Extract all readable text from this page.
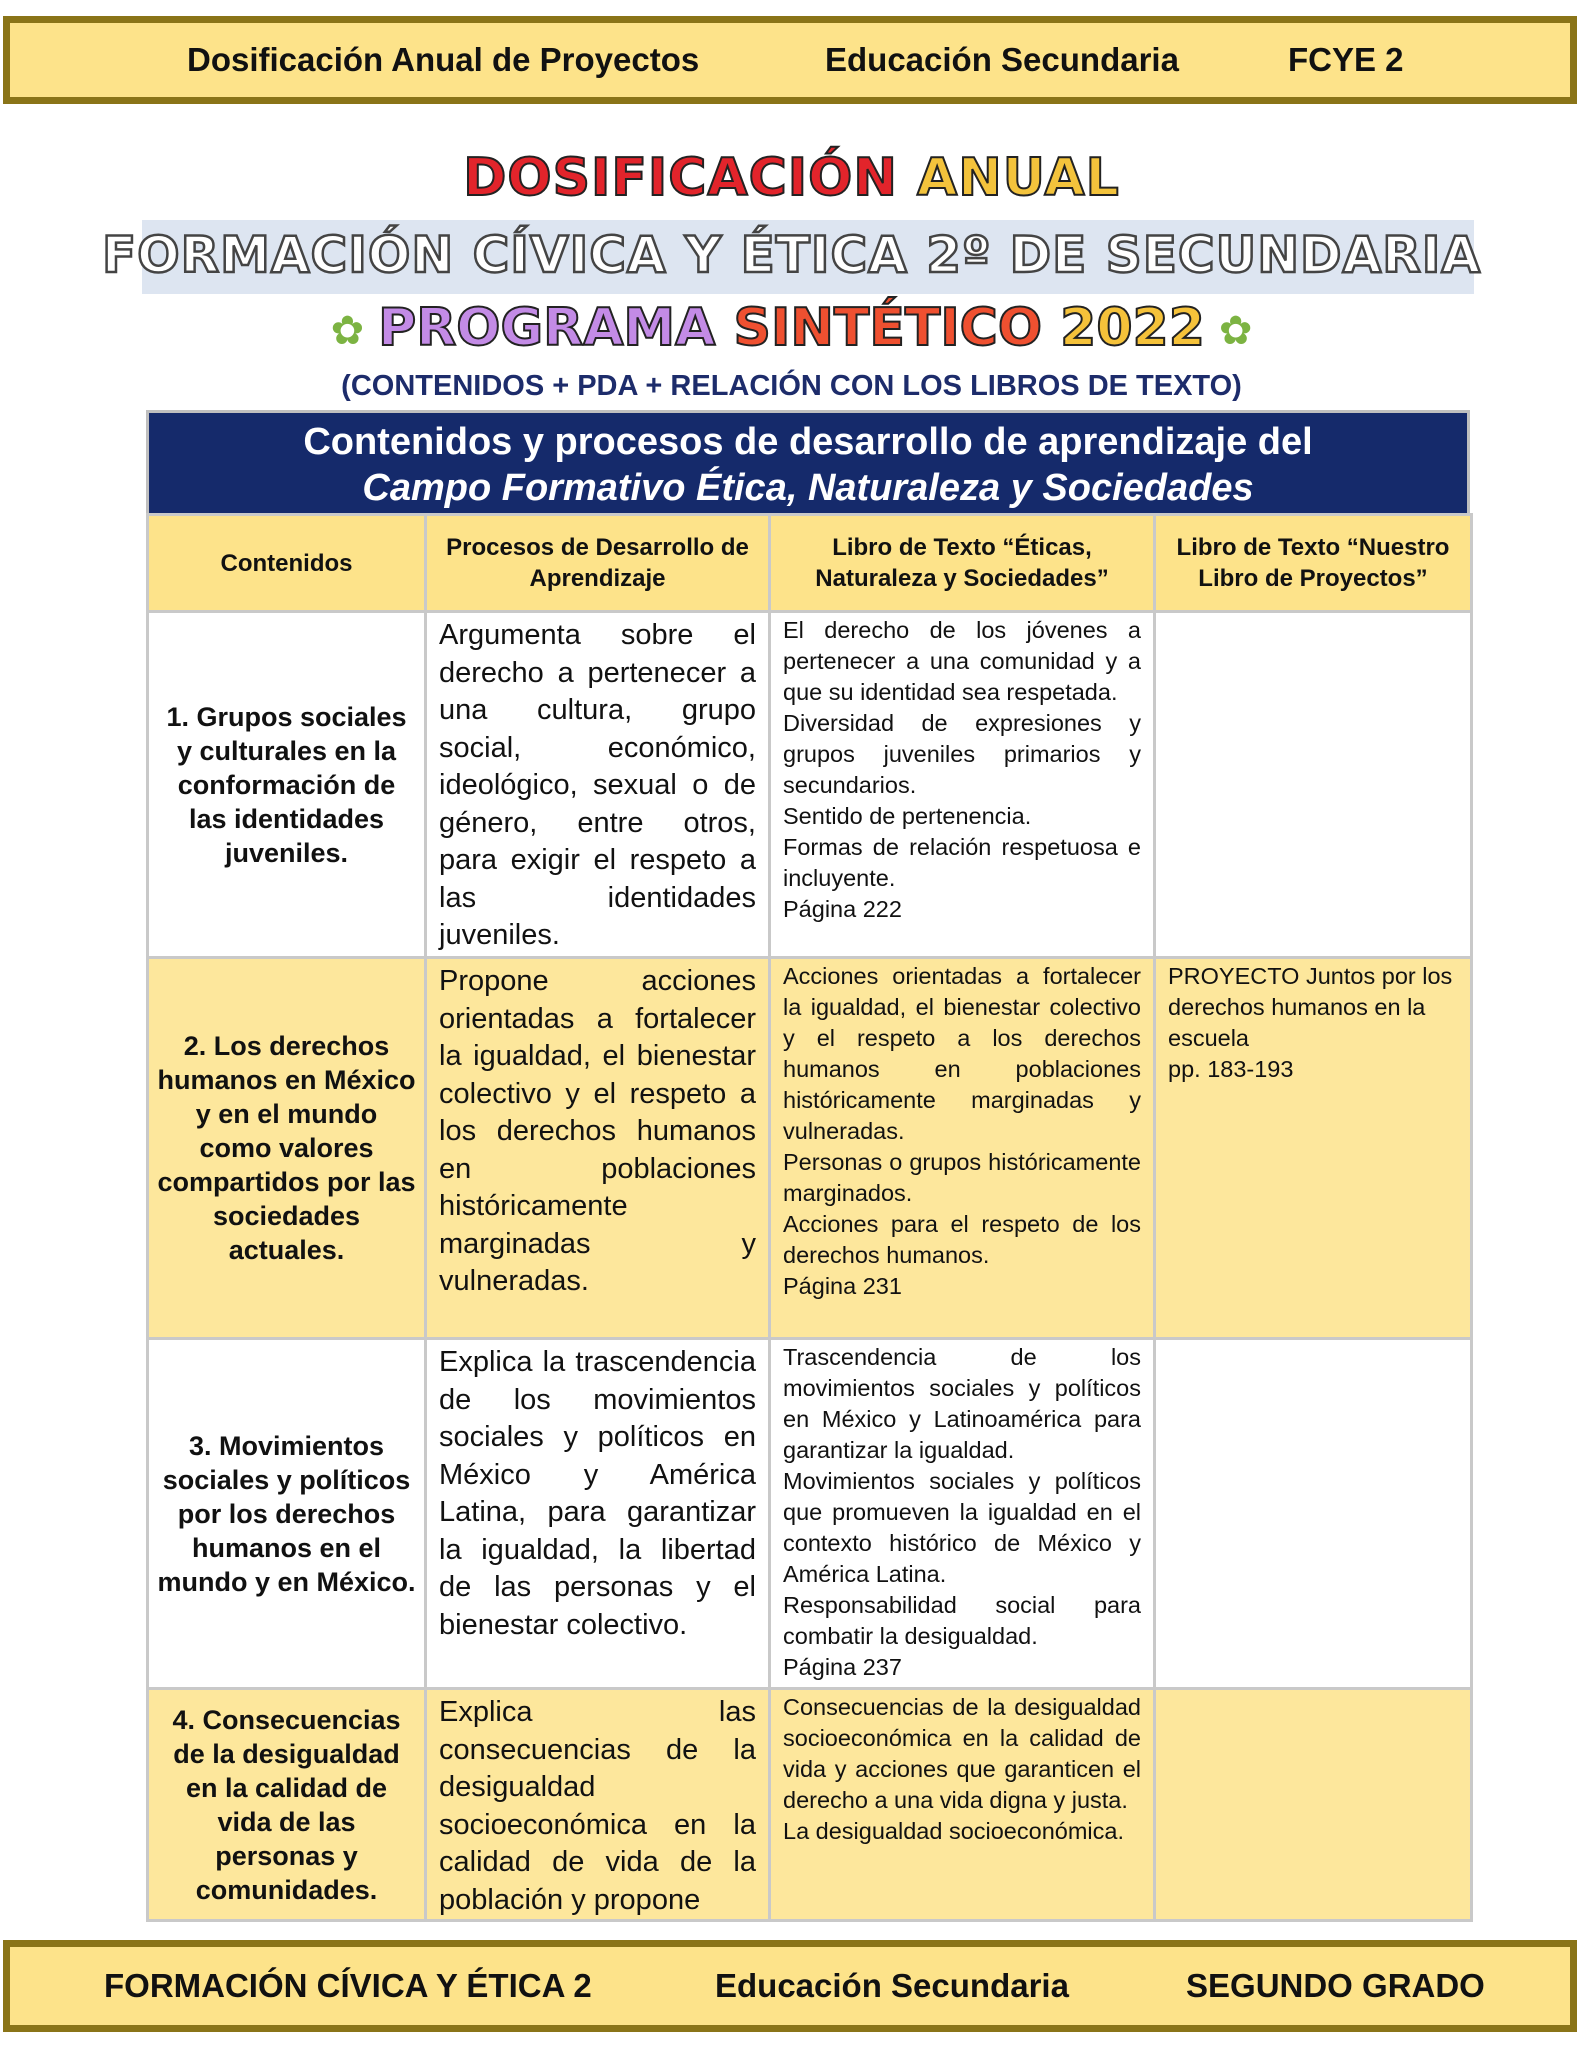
Dosificación Anual de Proyectos	Educación Secundaria	FCYE 2
DOSIFICACIÓN ANUAL
FORMACIÓN CÍVICA Y ÉTICA 2º DE SECUNDARIA
✿ PROGRAMA SINTÉTICO 2022 ✿
(CONTENIDOS + PDA + RELACIÓN CON LOS LIBROS DE TEXTO)
Contenidos y procesos de desarrollo de aprendizaje del
Campo Formativo Ética, Naturaleza y Sociedades
Contenidos	Procesos de Desarrollo de Aprendizaje	Libro de Texto “Éticas, Naturaleza y Sociedades”	Libro de Texto “Nuestro Libro de Proyectos”
1. Grupos sociales y culturales en la conformación de las identidades juveniles.	Argumenta sobre el derecho a pertenecer a una cultura, grupo social, económico, ideológico, sexual o de género, entre otros, para exigir el respeto a las identidades juveniles.	El derecho de los jóvenes a pertenecer a una comunidad y a que su identidad sea respetada.
Diversidad de expresiones y grupos juveniles primarios y secundarios.
Sentido de pertenencia.
Formas de relación respetuosa e incluyente.
Página 222	

2. Los derechos humanos en México y en el mundo como valores compartidos por las sociedades actuales.	Propone acciones orientadas a fortalecer la igualdad, el bienestar colectivo y el respeto a los derechos humanos en poblaciones históricamente marginadas y vulneradas.	Acciones orientadas a fortalecer la igualdad, el bienestar colectivo y el respeto a los derechos humanos en poblaciones históricamente marginadas y vulneradas.
Personas o grupos históricamente marginados.
Acciones para el respeto de los derechos humanos.
Página 231	PROYECTO Juntos por los derechos humanos en la escuela
pp. 183-193

3. Movimientos sociales y políticos por los derechos humanos en el mundo y en México.	Explica la trascendencia de los movimientos sociales y políticos en México y América Latina, para garantizar la igualdad, la libertad de las personas y el bienestar colectivo.	Trascendencia de los movimientos sociales y políticos en México y Latinoamérica para garantizar la igualdad.
Movimientos sociales y políticos que promueven la igualdad en el contexto histórico de México y América Latina.
Responsabilidad social para combatir la desigualdad.
Página 237	

4. Consecuencias de la desigualdad en la calidad de vida de las personas y comunidades.	Explica las consecuencias de la desigualdad socioeconómica en la calidad de vida de la población y propone	Consecuencias de la desigualdad socioeconómica en la calidad de vida y acciones que garanticen el derecho a una vida digna y justa.
La desigualdad socioeconómica.	

FORMACIÓN CÍVICA Y ÉTICA 2	Educación Secundaria	SEGUNDO GRADO
